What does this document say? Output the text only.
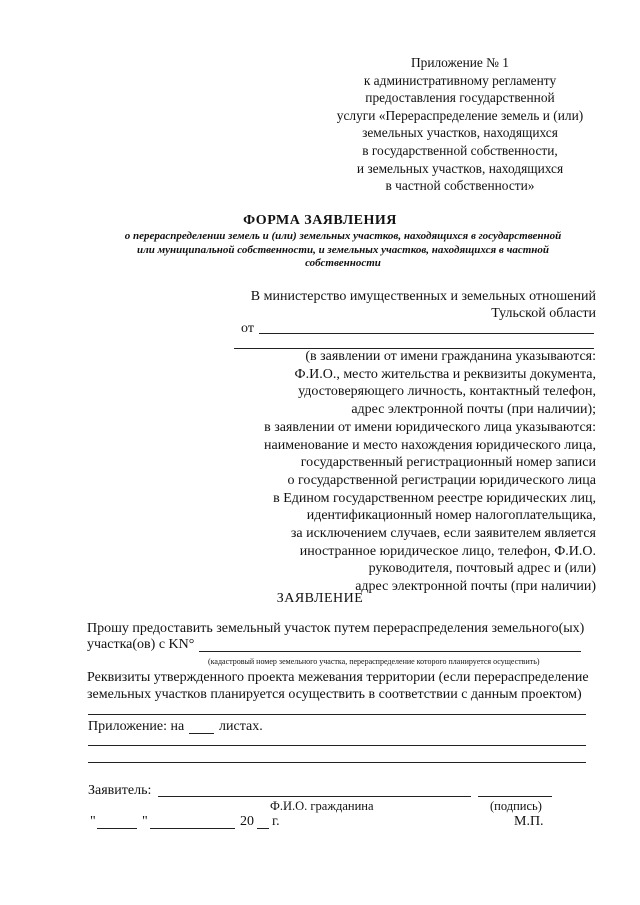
Приложение № 1
к административному регламенту
предоставления государственной
услуги «Перераспределение земель и (или)
земельных участков, находящихся
в государственной собственности,
и земельных участков, находящихся
в частной собственности»
ФОРМА ЗАЯВЛЕНИЯ
о перераспределении земель и (или) земельных участков, находящихся в государственной
или муниципальной собственности, и земельных участков, находящихся в частной
собственности
В министерство имущественных и земельных отношений
Тульской области
от
(в заявлении от имени гражданина указываются:
Ф.И.О., место жительства и реквизиты документа,
удостоверяющего личность, контактный телефон,
адрес электронной почты (при наличии);
в заявлении от имени юридического лица указываются:
наименование и место нахождения юридического лица,
государственный регистрационный номер записи
о государственной регистрации юридического лица
в Едином государственном реестре юридических лиц,
идентификационный номер налогоплательщика,
за исключением случаев, если заявителем является
иностранное юридическое лицо, телефон, Ф.И.О.
руководителя, почтовый адрес и (или)
адрес электронной почты (при наличии)
ЗАЯВЛЕНИЕ
Прошу предоставить земельный участок путем перераспределения земельного(ых)
участка(ов) с KN°
(кадастровый номер земельного участка, перераспределение которого планируется осуществить)
Реквизиты утвержденного проекта межевания территории (если перераспределение
земельных участков планируется осуществить в соответствии с данным проектом)
Приложение: на листах.
Заявитель:
Ф.И.О. гражданина	(подпись)
"	"	20 г.	М.П.
